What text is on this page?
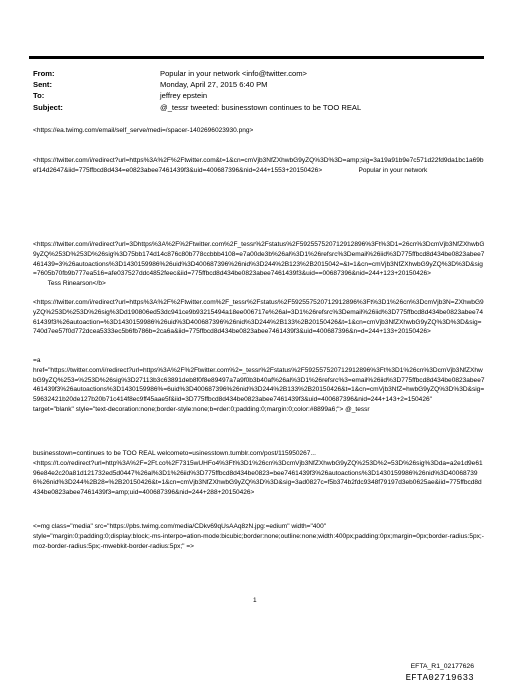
From:	Popular in your network <info@twitter.com>
Sent:	Monday, April 27, 2015 6:40 PM
To:	jeffrey epstein
Subject:	@_tessr tweeted: businesstown continues to be TOO REAL
<https://ea.twimg.com/email/self_serve/medi=/spacer-1402696023930.png>
<https://twitter.com/i/redirect?url=https%3A%2F%2Ftwitter.com&t=1&cn=cmVjb3NfZXhwbG9yZQ%3D%3D=amp;sig=3a19a91b9e7c571d22fd9da1bc1a69bef14d2647&iid=775ffbcd8d434=e0823abee7461439f3&uid=400687396&nid=244+1553+20150426>                    Popular in your network
<https://twitter.com/i/redirect?url=3Dhttps%3A%2F%2Ftwitter.com%2F_tessr%2Fstatus%2F592557520712912896%3Ft%3D1=26cn%3DcmVjb3NfZXhwbG9yZQ%253D%253D%26sig%3D75bb174d14c876c80b778ccbbb4108=e7a00de3b%26al%3D1%26refsrc%3Demail%26iid%3D775ffbcd8d434be0823abee7461439=3%26autoactions%3D1430159986%26uid%3D400687396%26nid%3D244%2B123%2B2015042=&t=1&cn=cmVjb3NfZXhwbG9yZQ%3D%3D&sig=7605b70fb9b777ea516=afe037527ddc4852feec&iid=775ffbcd8d434be0823abee7461439f3&uid==00687396&nid=244+123+20150426>
Tess Rinearson</b>
<https://twitter.com/i/redirect?url=https%3A%2F%2Ftwitter.com%2F_tessr%2Fstatus%2F592557520712912896%3Ft%3D1%26cn%3DcmVjb3N=ZXhwbG9yZQ%253D%253D%26sig%3Dd190806ed53dc941ce9b93215494a18ee006717e%26al=3D1%26refsrc%3Demail%26iid%3D775ffbcd8d434be0823abee7461439f3%26autoaction=%3D1430159986%26uid%3D400687396%26nid%3D244%2B133%2B20150426&t=1&cn=cmVjb3NfZXhwbG9yZQ%3D%3D&sig=740d7ee57f0d772dcea5333ec5b6fb786b=2ca6a&iid=775ffbcd8d434be0823abee7461439f3&uid=400687396&n=d=244+133+20150426>
=a
href="https://twitter.com/i/redirect?url=https%3A%2F%2Ftwitter.com%2=_tessr%2Fstatus%2F592557520712912896%3Ft%3D1%26cn%3DcmVjb3NfZXhwbG9yZQ%253=%253D%26sig%3D27113b3c63891deb8f0f8e89497a7a9f0b3b40af%26al%3D1%26refsrc%3=email%26iid%3D775ffbcd8d434be0823abee7461439f3%26autoactions%3D1430159986%=6uid%3D400687396%26nid%3D244%2B133%2B20150426&t=1&cn=cmVjb3NfZ=hwbG9yZQ%3D%3D&sig=59632421b20de127b20b71c414f8ec9ff45aae5f&iid=3D775ffbcd8d434be0823abee7461439f3&uid=400687396&nid=244+143+2=150426"
target="blank" style="text-decoration:none;border-style:none;b=rder:0;padding:0;margin:0;color:#8899a6;"> @_tessr
businesstown=continues to be TOO REAL welcometo=usinesstown.tumblr.com/post/115950267...
<https://t.co/redirect?url=http%3A%2F=2Ft.co%2F7315wUHFo4%3Ft%3D1%26cn%3DcmVjb3NfZXhwbG9yZQ%253D%2=53D%26sig%3Dda=a2e1d9e6196e84e2c20a81d121732ed5d0447%26al%3D1%26iid%3D775ffbcd8d434be0823=bee7461439f3%26autoactions%3D1430159986%26nid%3D400687396%26nid%3D244%2B28=%2B20150426&t=1&cn=cmVjb3NfZXhwbG9yZQ%3D%3D&sig=3ad0827c=f5b374b2fdc9348f79197d3eb0625ae&iid=775ffbcd8d434be0823abee7461439f3=amp;uid=400687396&nid=244+288+20150426>
<=mg class="media" src="https://pbs.twimg.com/media/CDkv69qUsAAq8zN.jpg:=edium" width="400"
style="margin:0;padding:0;display:block;-ms-interpo=ation-mode:bicubic;border:none;outline:none;width:400px;padding:0px;margin=0px;border-radius:5px;-moz-border-radius:5px;-mwebkit-border-radius:5px;" =>
1
EFTA_R1_02177626
EFTA02719633
